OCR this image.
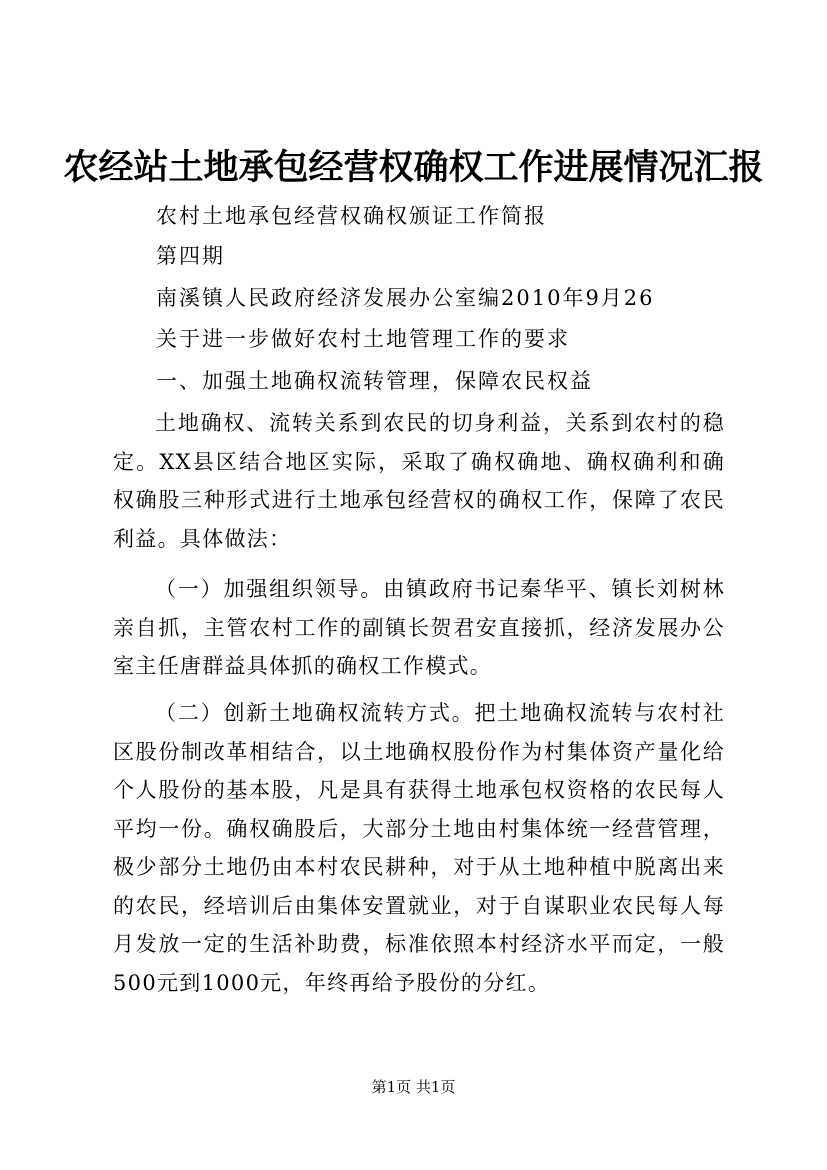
农经站土地承包经营权确权工作进展情况汇报
农村土地承包经营权确权颁证工作简报
第四期
南溪镇人民政府经济发展办公室编2010年9月26
关于进一步做好农村土地管理工作的要求
一、加强土地确权流转管理，保障农民权益
土地确权、流转关系到农民的切身利益，关系到农村的稳定。XX县区结合地区实际，采取了确权确地、确权确利和确权确股三种形式进行土地承包经营权的确权工作，保障了农民利益。具体做法：
（一）加强组织领导。由镇政府书记秦华平、镇长刘树林亲自抓，主管农村工作的副镇长贺君安直接抓，经济发展办公室主任唐群益具体抓的确权工作模式。
（二）创新土地确权流转方式。把土地确权流转与农村社区股份制改革相结合，以土地确权股份作为村集体资产量化给个人股份的基本股，凡是具有获得土地承包权资格的农民每人平均一份。确权确股后，大部分土地由村集体统一经营管理，极少部分土地仍由本村农民耕种，对于从土地种植中脱离出来的农民，经培训后由集体安置就业，对于自谋职业农民每人每月发放一定的生活补助费，标准依照本村经济水平而定，一般500元到1000元，年终再给予股份的分红。
第1页 共1页
